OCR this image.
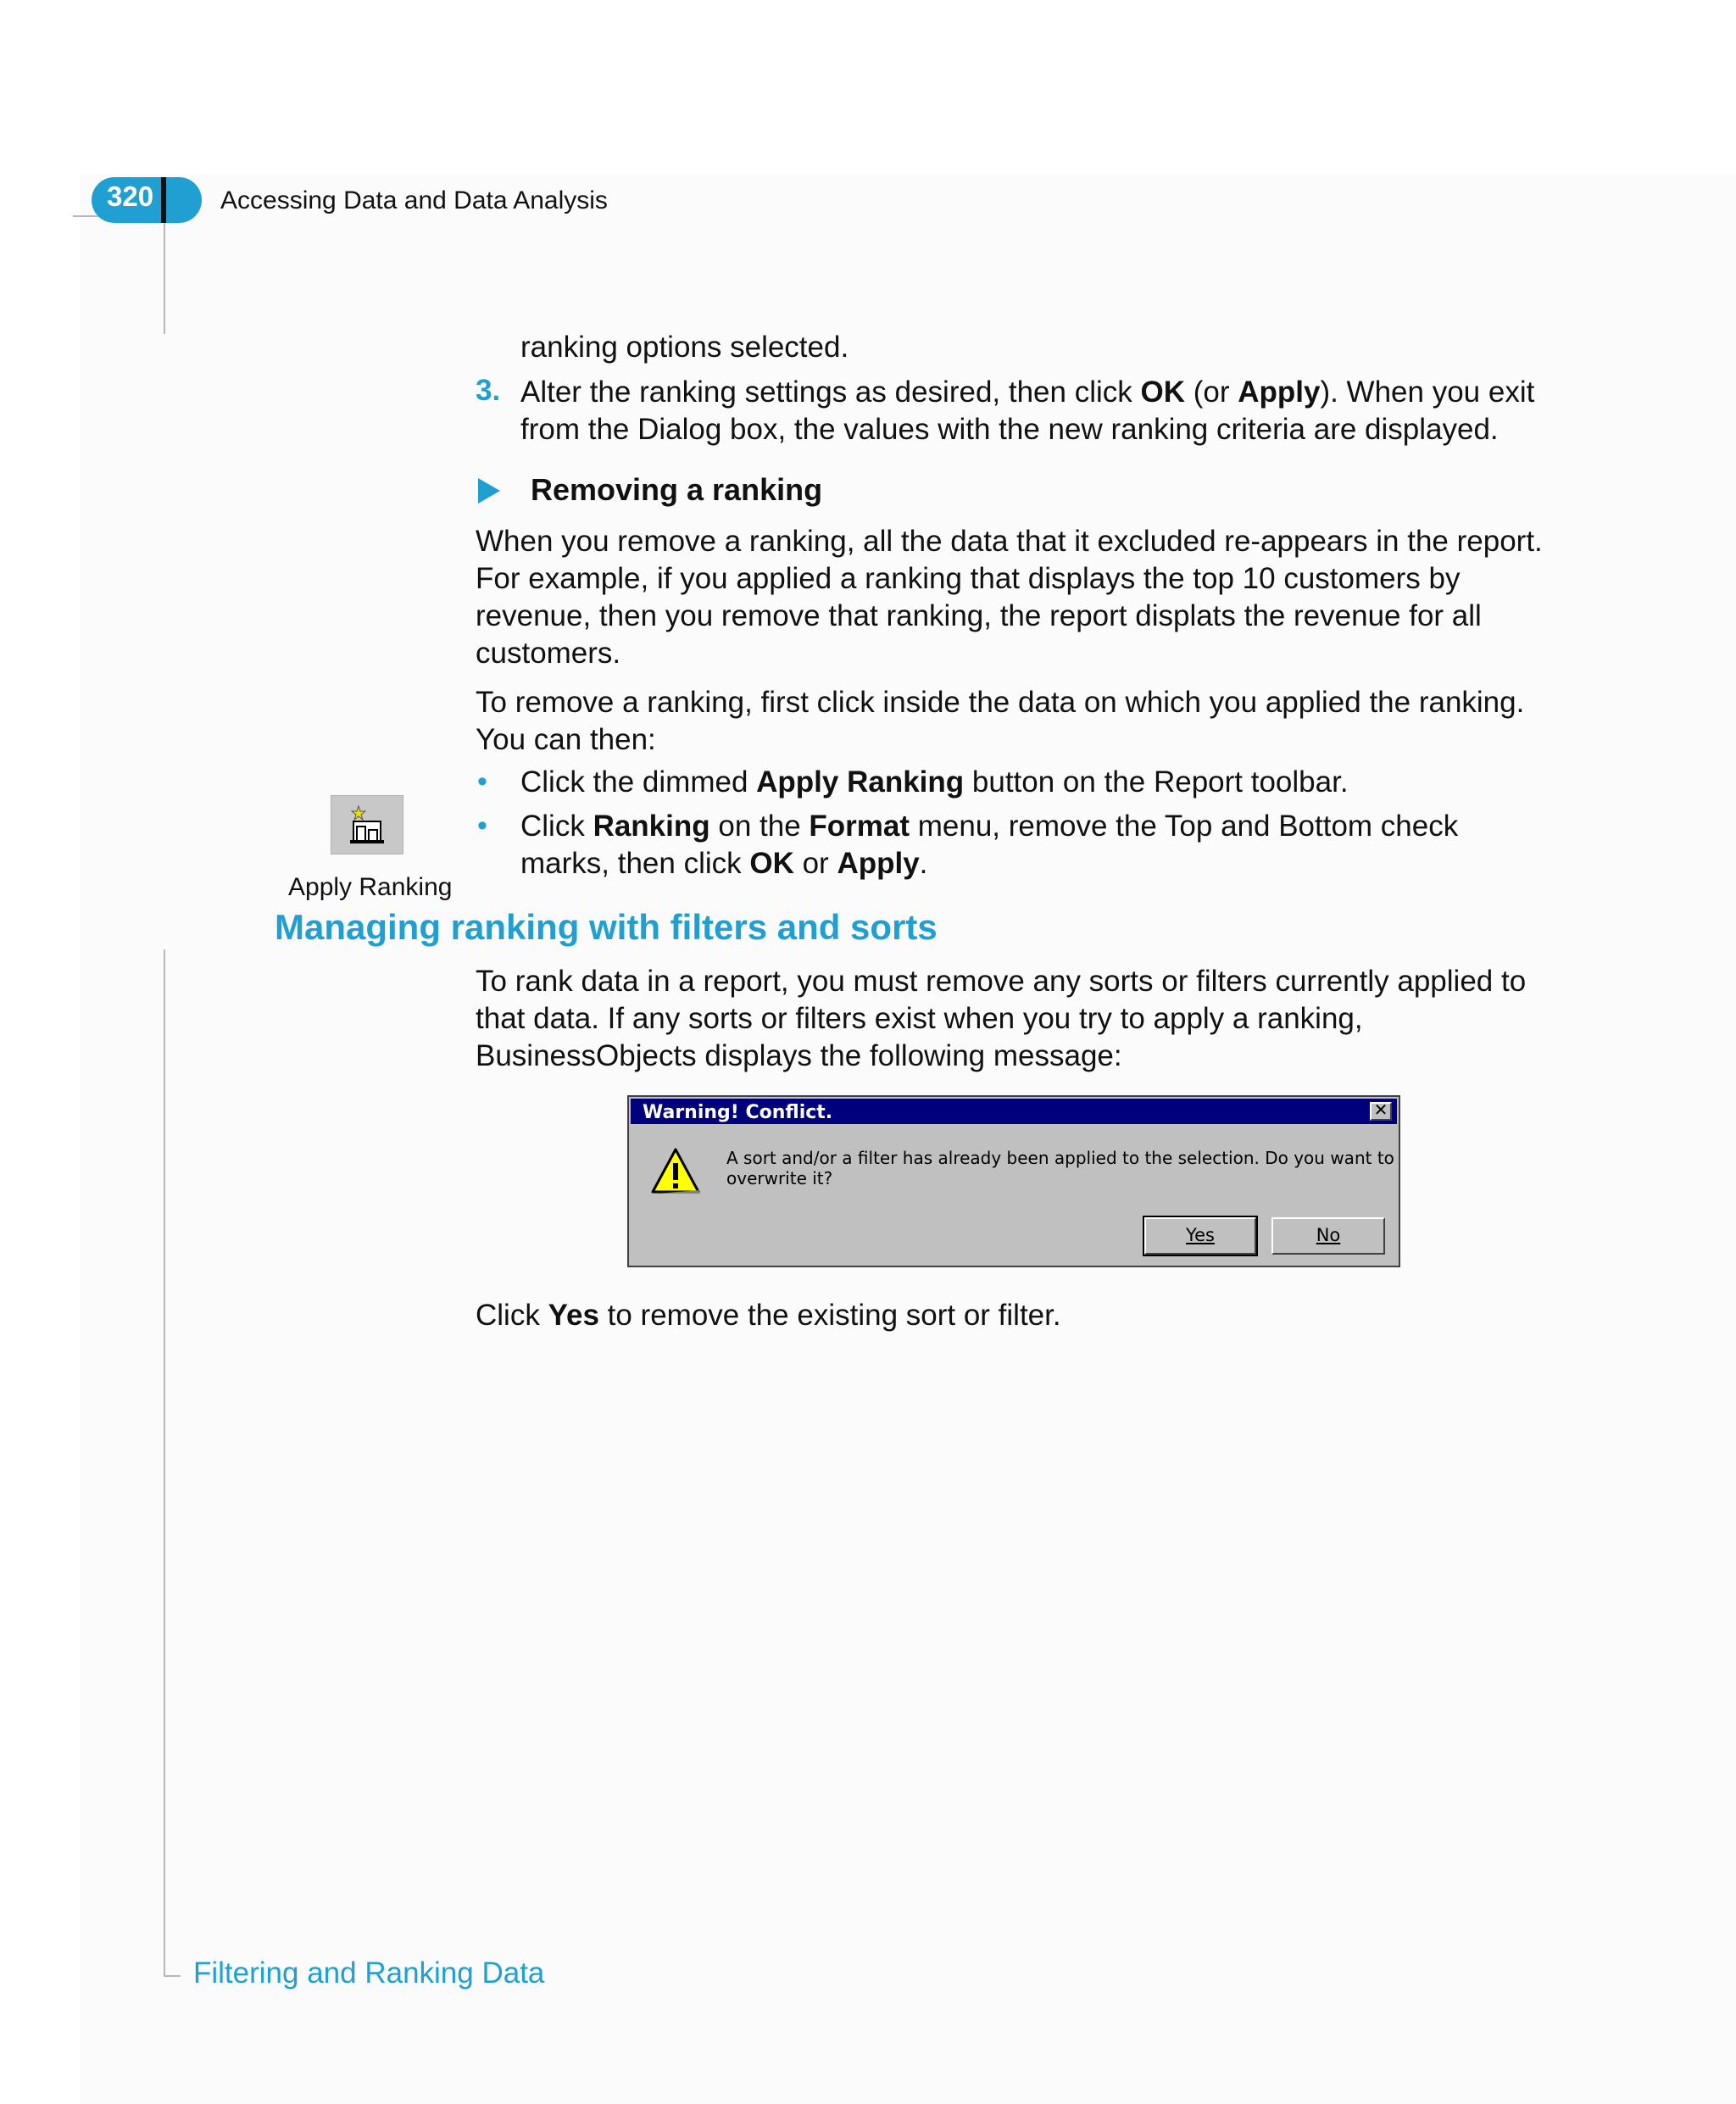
320	Accessing Data and Data Analysis
ranking options selected.
3. Alter the ranking settings as desired, then click OK (or Apply). When you exit
from the Dialog box, the values with the new ranking criteria are displayed.
Removing a ranking
When you remove a ranking, all the data that it excluded re-appears in the report.
For example, if you applied a ranking that displays the top 10 customers by
revenue, then you remove that ranking, the report displats the revenue for all
customers.
To remove a ranking, first click inside the data on which you applied the ranking.
You can then:
• Click the dimmed Apply Ranking button on the Report toolbar.
• Click Ranking on the Format menu, remove the Top and Bottom check
marks, then click OK or Apply.
Apply Ranking
Managing ranking with filters and sorts
To rank data in a report, you must remove any sorts or filters currently applied to
that data. If any sorts or filters exist when you try to apply a ranking,
BusinessObjects displays the following message:
Warning! Conflict.	✕
A sort and/or a filter has already been applied to the selection. Do you want to overwrite it?
Yes	No
Click Yes to remove the existing sort or filter.
Filtering and Ranking Data
